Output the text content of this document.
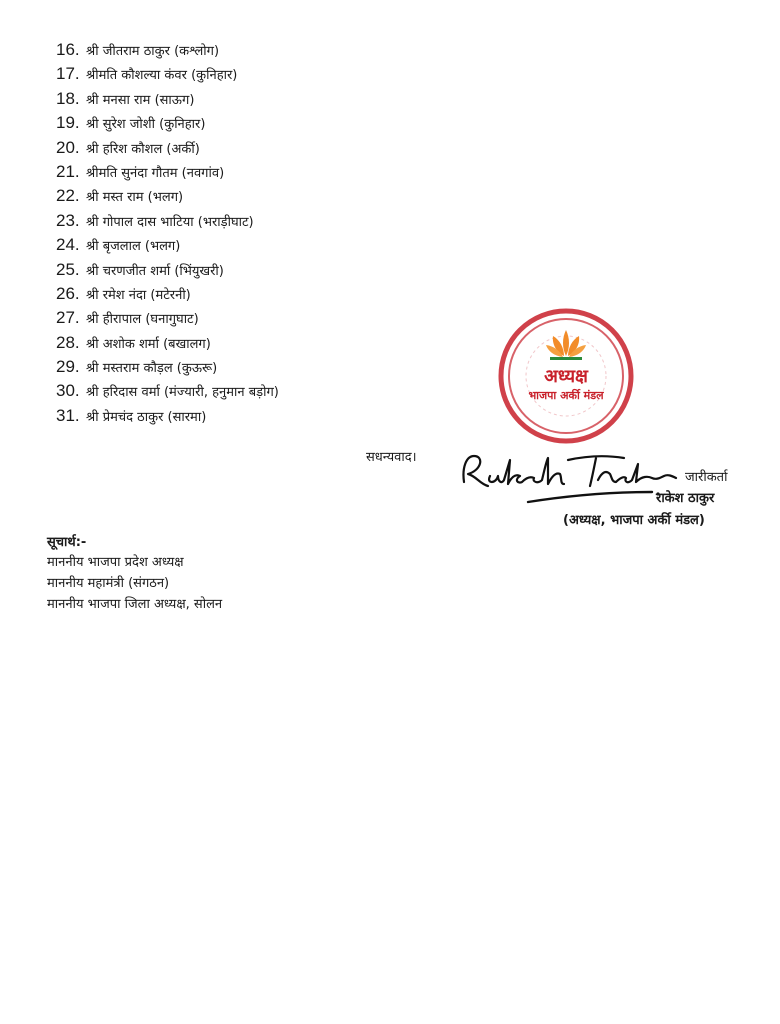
16. श्री जीतराम ठाकुर (कश्लोग)
17. श्रीमति कौशल्या कंवर (कुनिहार)
18. श्री मनसा राम (साऊग)
19. श्री सुरेश जोशी (कुनिहार)
20. श्री हरिश कौशल (अर्की)
21. श्रीमति सुनंदा गौतम (नवगांव)
22. श्री मस्त राम (भलग)
23. श्री गोपाल दास भाटिया (भराड़ीघाट)
24. श्री बृजलाल (भलग)
25. श्री चरणजीत शर्मा (भिंयुखरी)
26. श्री रमेश नंदा (मटेरनी)
27. श्री हीरापाल (घनागुघाट)
28. श्री अशोक शर्मा (बखालग)
29. श्री मस्तराम कौड़ल (कुऊरू)
30. श्री हरिदास वर्मा (मंज्यारी, हनुमान बड़ोग)
31. श्री प्रेमचंद ठाकुर (सारमा)
अध्यक्ष
भाजपा अर्की मंडल
सधन्यवाद।
जारीकर्ता
राकेश ठाकुर
(अध्यक्ष, भाजपा अर्की मंडल)
सूचार्थ:-
माननीय भाजपा प्रदेश अध्यक्ष
माननीय महामंत्री (संगठन)
माननीय भाजपा जिला अध्यक्ष, सोलन
